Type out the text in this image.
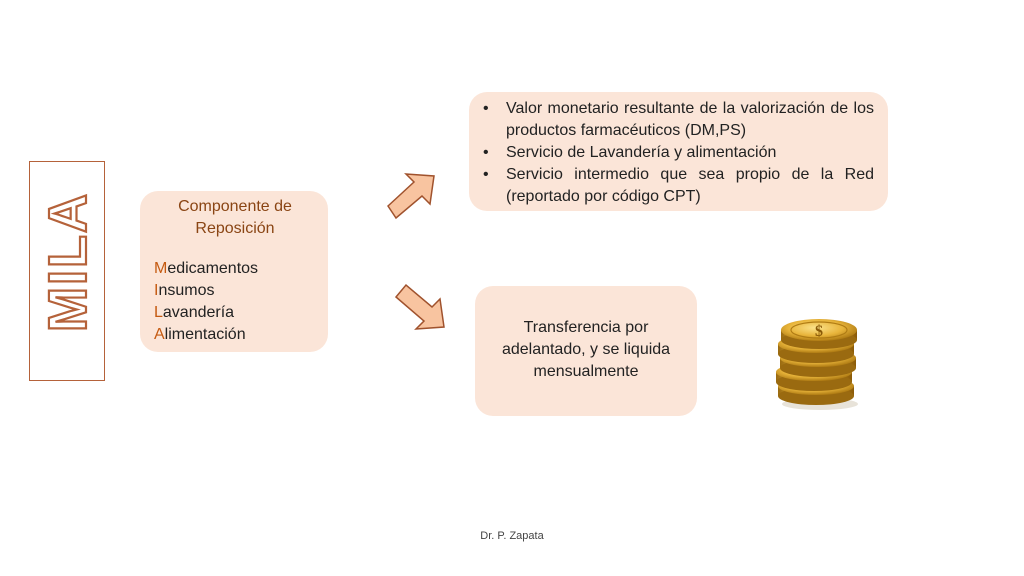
MILA	Componente de Reposición
Medicamentos
Insumos
Lavandería
Alimentación
• Valor monetario resultante de la valorización de los productos farmacéuticos (DM,PS)
• Servicio de Lavandería y alimentación
• Servicio intermedio que sea propio de la Red (reportado por código CPT)
Transferencia por adelantado, y se liquida mensualmente
$
Dr. P. Zapata
